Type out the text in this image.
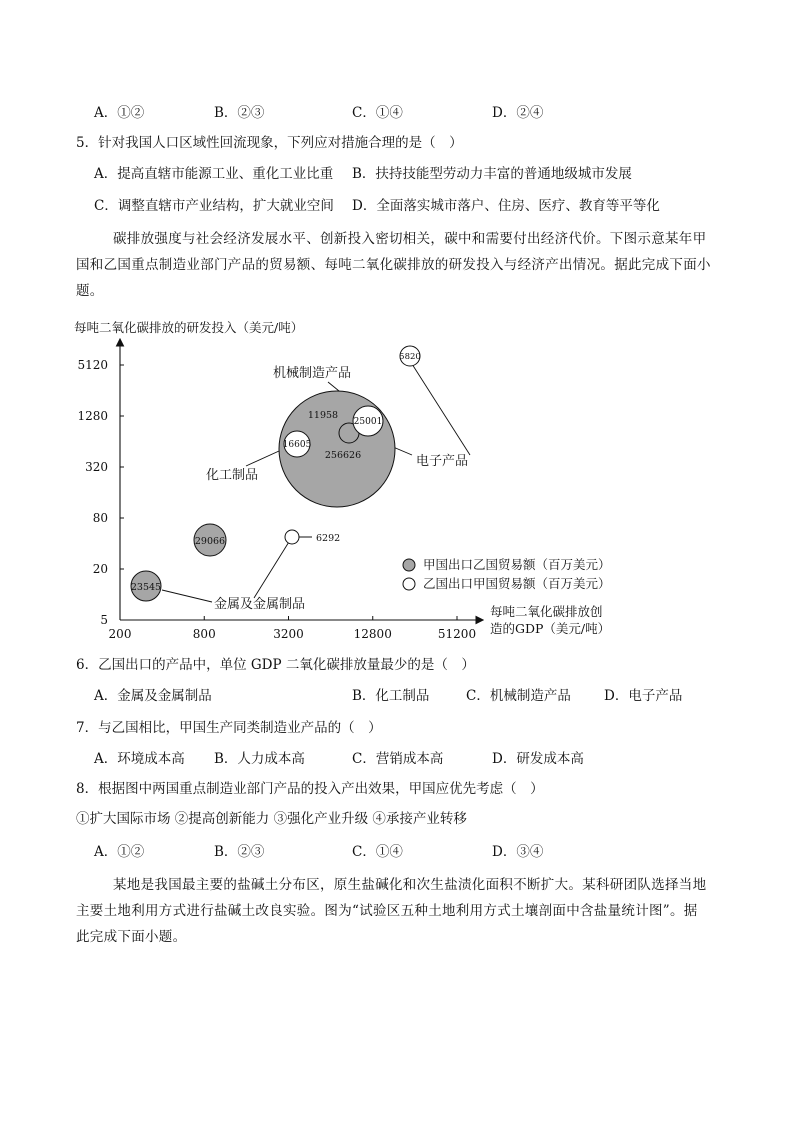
A．①②	B．②③	C．①④	D．②④
5．针对我国人口区域性回流现象，下列应对措施合理的是（　）
A．提高直辖市能源工业、重化工业比重 B．扶持技能型劳动力丰富的普通地级城市发展
C．调整直辖市产业结构，扩大就业空间 D．全面落实城市落户、住房、医疗、教育等平等化
碳排放强度与社会经济发展水平、创新投入密切相关，碳中和需要付出经济代价。下图示意某年甲
国和乙国重点制造业部门产品的贸易额、每吨二氧化碳排放的研发投入与经济产出情况。据此完成下面小
题。
每吨二氧化碳排放的研发投入（美元/吨）
5120
1280
320
80
20
5
200	800	3200	12800	51200
每吨二氧化碳排放创
造的GDP（美元/吨）
256626
11958
29066
23545
5820
25001
16605
6292
机械制造产品
电子产品
化工制品
金属及金属制品
甲国出口乙国贸易额（百万美元）
乙国出口甲国贸易额（百万美元）
6．乙国出口的产品中，单位 GDP 二氧化碳排放量最少的是（　）
A．金属及金属制品	B．化工制品	C．机械制造产品 D．电子产品
7．与乙国相比，甲国生产同类制造业产品的（　）
A．环境成本高 B．人力成本高	C．营销成本高	D．研发成本高
8．根据图中两国重点制造业部门产品的投入产出效果，甲国应优先考虑（　）
①扩大国际市场 ②提高创新能力 ③强化产业升级 ④承接产业转移
A．①②	B．②③	C．①④	D．③④
某地是我国最主要的盐碱土分布区，原生盐碱化和次生盐渍化面积不断扩大。某科研团队选择当地
主要土地利用方式进行盐碱土改良实验。图为“试验区五种土地利用方式土壤剖面中含盐量统计图”。据
此完成下面小题。
